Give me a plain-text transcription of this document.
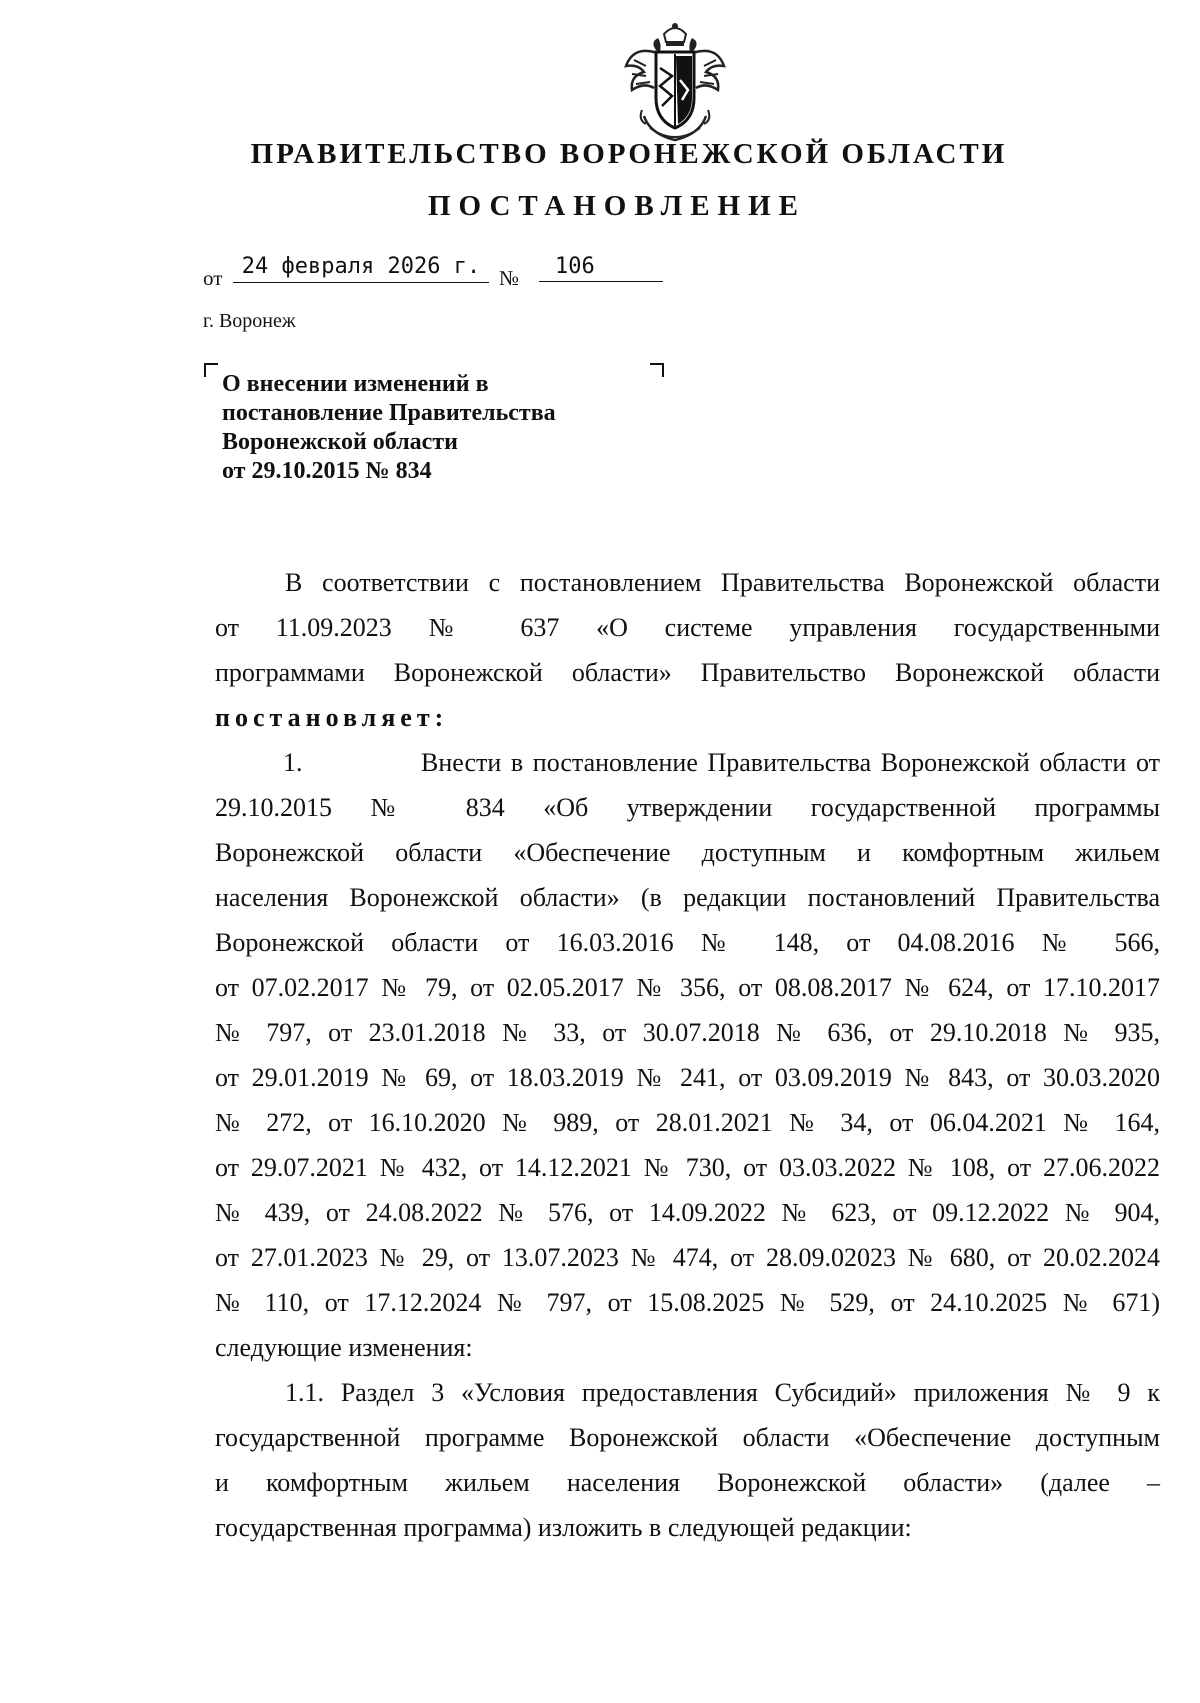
ПРАВИТЕЛЬСТВО ВОРОНЕЖСКОЙ ОБЛАСТИ
ПОСТАНОВЛЕНИЕ
от 24 февраля 2026 г. №	106
г. Воронеж
О внесении изменений в
постановление Правительства
Воронежской области
от 29.10.2015 № 834
В соответствии с постановлением Правительства Воронежской области
от 11.09.2023 № 637 «О системе управления государственными
программами Воронежской области» Правительство Воронежской области
постановляет:
1.	Внести в постановление Правительства Воронежской области от
29.10.2015 № 834 «Об утверждении государственной программы
Воронежской области «Обеспечение доступным и комфортным жильем
населения Воронежской области» (в редакции постановлений Правительства
Воронежской области от 16.03.2016 № 148, от 04.08.2016 № 566,
от 07.02.2017 № 79, от 02.05.2017 № 356, от 08.08.2017 № 624, от 17.10.2017
№ 797, от 23.01.2018 № 33, от 30.07.2018 № 636, от 29.10.2018 № 935,
от 29.01.2019 № 69, от 18.03.2019 № 241, от 03.09.2019 № 843, от 30.03.2020
№ 272, от 16.10.2020 № 989, от 28.01.2021 № 34, от 06.04.2021 № 164,
от 29.07.2021 № 432, от 14.12.2021 № 730, от 03.03.2022 № 108, от 27.06.2022
№ 439, от 24.08.2022 № 576, от 14.09.2022 № 623, от 09.12.2022 № 904,
от 27.01.2023 № 29, от 13.07.2023 № 474, от 28.09.02023 № 680, от 20.02.2024
№ 110, от 17.12.2024 № 797, от 15.08.2025 № 529, от 24.10.2025 № 671)
следующие изменения:
1.1. Раздел 3 «Условия предоставления Субсидий» приложения № 9 к
государственной программе Воронежской области «Обеспечение доступным
и комфортным жильем населения Воронежской области» (далее –
государственная программа) изложить в следующей редакции:
